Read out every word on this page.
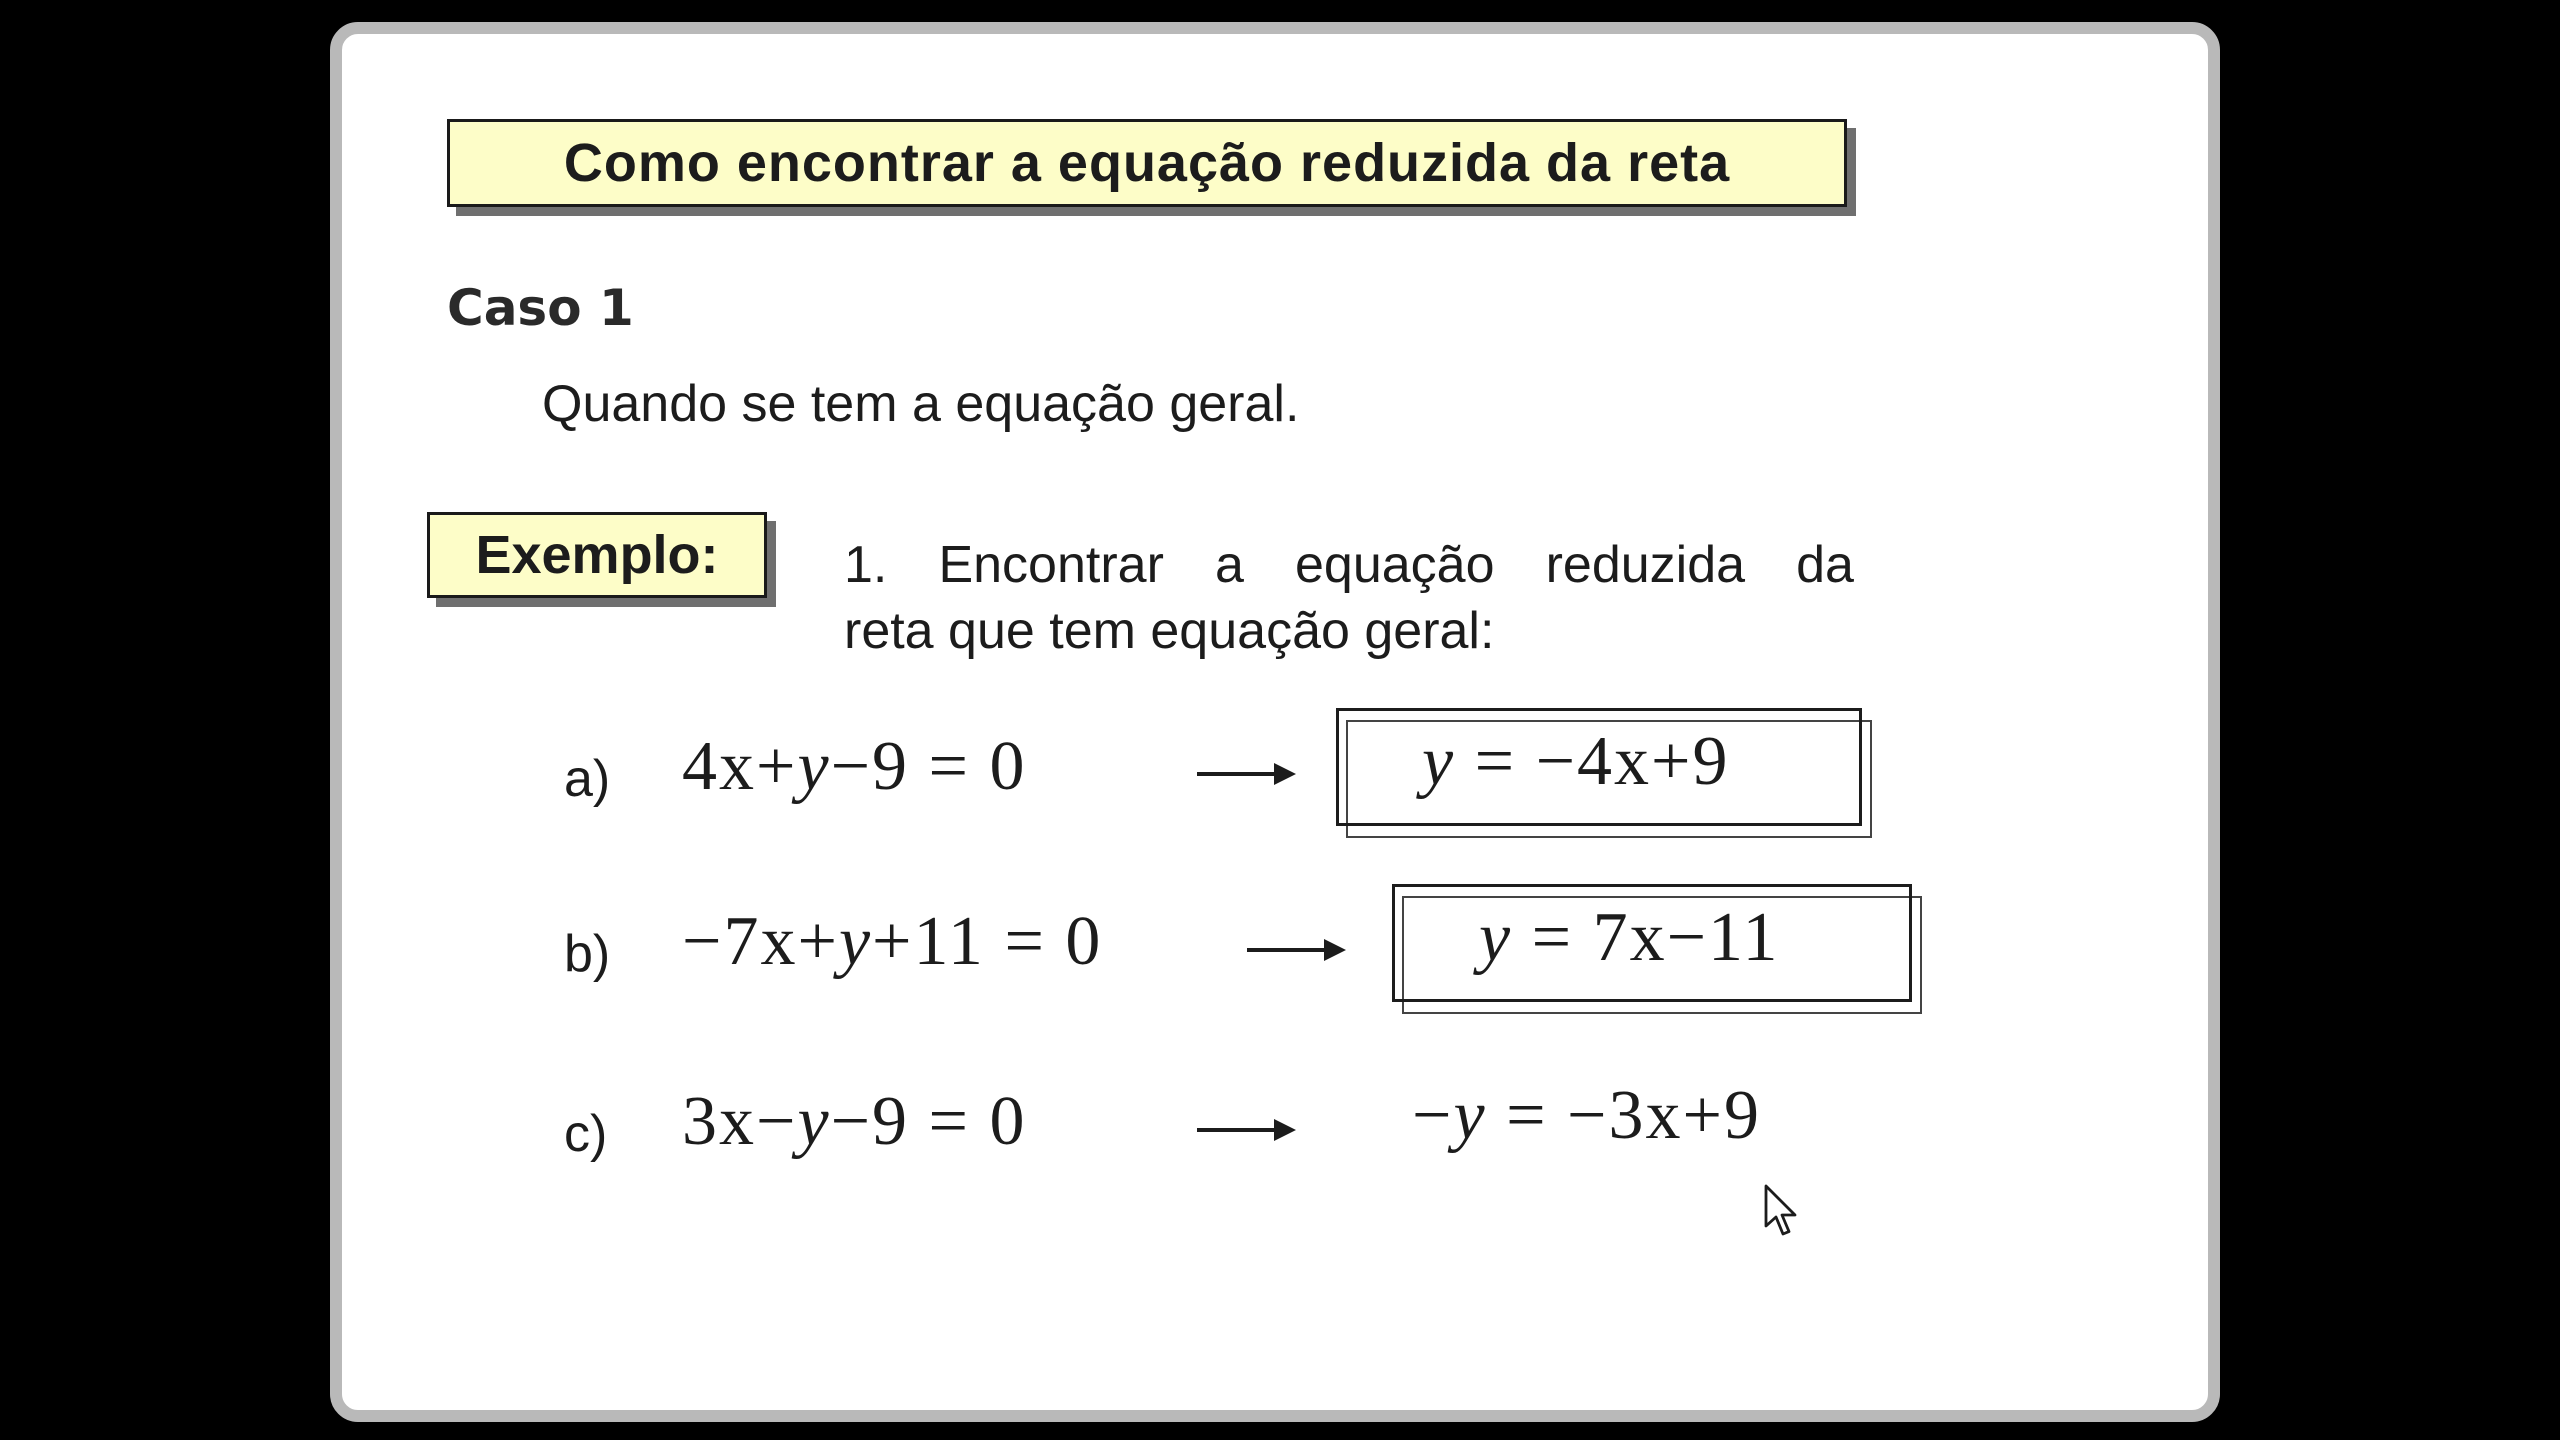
Como encontrar a equação reduzida da reta
Caso 1
Quando se tem a equação geral.
Exemplo: 1. Encontrar a equação reduzida da
reta que tem equação geral:
a) 4x+y−9 = 0	y = −4x+9
b) −7x+y+11 = 0	y = 7x−11
c) 3x−y−9 = 0	−y = −3x+9
